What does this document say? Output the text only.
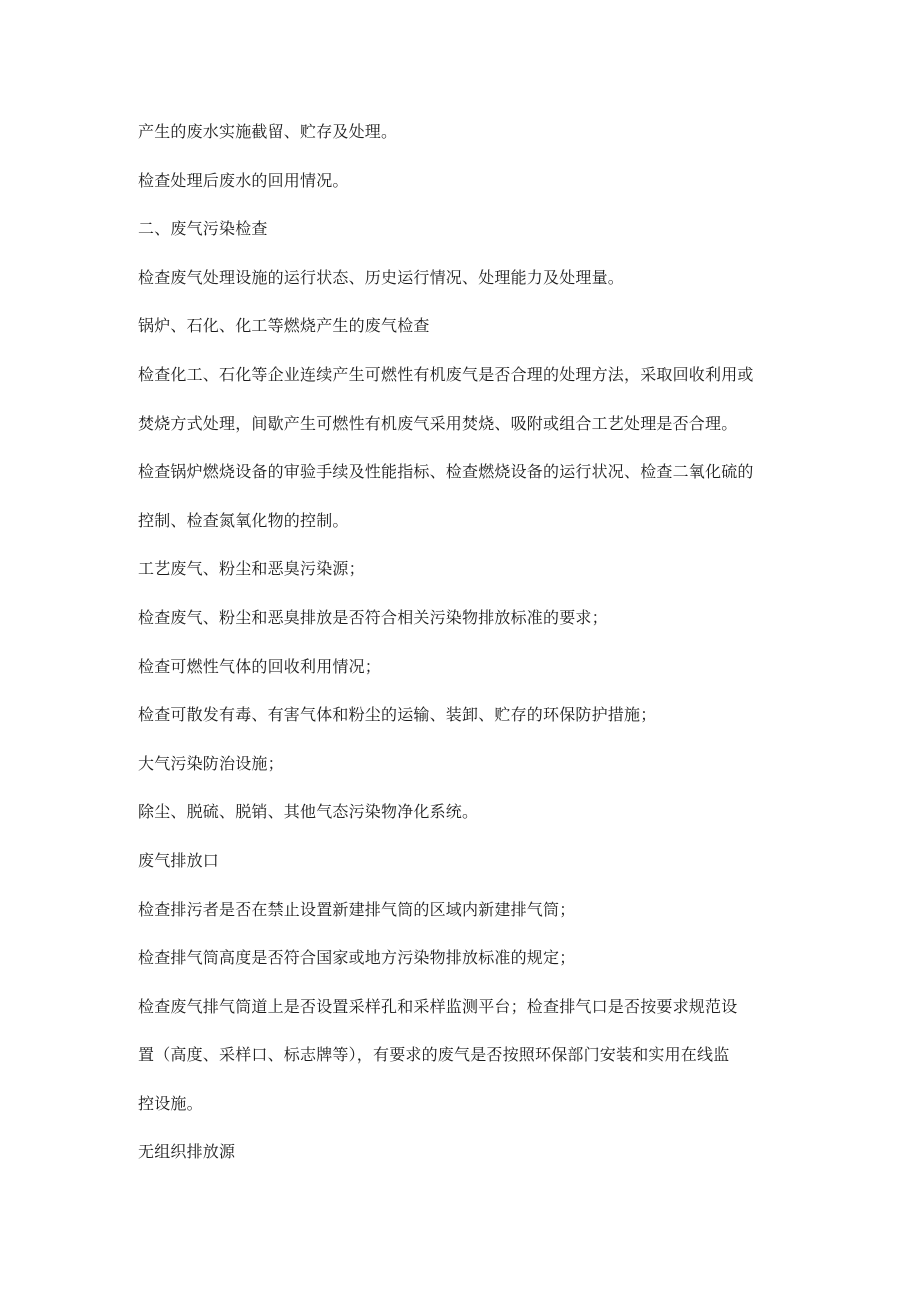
产生的废水实施截留、贮存及处理。
检查处理后废水的回用情况。
二、废气污染检查
检查废气处理设施的运行状态、历史运行情况、处理能力及处理量。
锅炉、石化、化工等燃烧产生的废气检查
检查化工、石化等企业连续产生可燃性有机废气是否合理的处理方法，采取回收利用或
焚烧方式处理，间歇产生可燃性有机废气采用焚烧、吸附或组合工艺处理是否合理。
检查锅炉燃烧设备的审验手续及性能指标、检查燃烧设备的运行状况、检查二氧化硫的
控制、检查氮氧化物的控制。
工艺废气、粉尘和恶臭污染源；
检查废气、粉尘和恶臭排放是否符合相关污染物排放标准的要求；
检查可燃性气体的回收利用情况；
检查可散发有毒、有害气体和粉尘的运输、装卸、贮存的环保防护措施；
大气污染防治设施；
除尘、脱硫、脱销、其他气态污染物净化系统。
废气排放口
检查排污者是否在禁止设置新建排气筒的区域内新建排气筒；
检查排气筒高度是否符合国家或地方污染物排放标准的规定；
检查废气排气筒道上是否设置采样孔和采样监测平台；检查排气口是否按要求规范设
置（高度、采样口、标志牌等），有要求的废气是否按照环保部门安装和实用在线监
控设施。
无组织排放源
